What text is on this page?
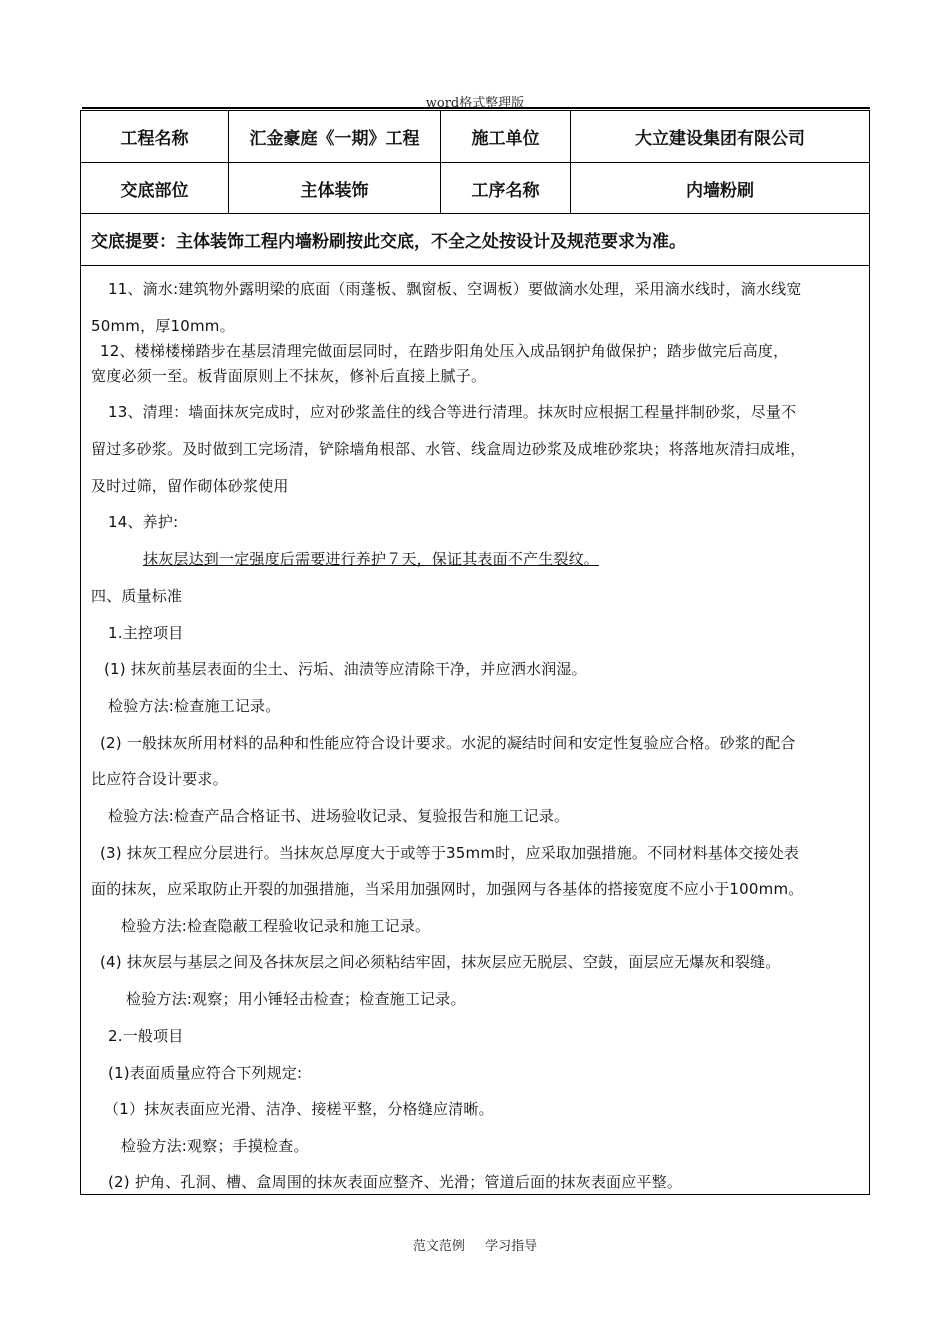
word格式整理版
工程名称	汇金豪庭《一期》工程	施工单位	大立建设集团有限公司
交底部位	主体装饰	工序名称	内墙粉刷
交底提要：主体装饰工程内墙粉刷按此交底，不全之处按设计及规范要求为准。
11、滴水:建筑物外露明梁的底面（雨蓬板、飘窗板、空调板）要做滴水处理，采用滴水线时，滴水线宽
50mm，厚10mm。
12、楼梯楼梯踏步在基层清理完做面层同时，在踏步阳角处压入成品钢护角做保护；踏步做完后高度，
宽度必须一至。板背面原则上不抹灰，修补后直接上腻子。
13、清理：墙面抹灰完成时，应对砂浆盖住的线合等进行清理。抹灰时应根据工程量拌制砂浆，尽量不
留过多砂浆。及时做到工完场清，铲除墙角根部、水管、线盒周边砂浆及成堆砂浆块；将落地灰清扫成堆，
及时过筛，留作砌体砂浆使用
14、养护:
抹灰层达到一定强度后需要进行养护７天，保证其表面不产生裂纹。
四、质量标准
1.主控项目
(1) 抹灰前基层表面的尘土、污垢、油渍等应清除干净，并应洒水润湿。
检验方法:检查施工记录。
(2) 一般抹灰所用材料的品种和性能应符合设计要求。水泥的凝结时间和安定性复验应合格。砂浆的配合
比应符合设计要求。
检验方法:检查产品合格证书、进场验收记录、复验报告和施工记录。
(3) 抹灰工程应分层进行。当抹灰总厚度大于或等于35mm时，应采取加强措施。不同材料基体交接处表
面的抹灰，应采取防止开裂的加强措施，当采用加强网时，加强网与各基体的搭接宽度不应小于100mm。
检验方法:检查隐蔽工程验收记录和施工记录。
(4) 抹灰层与基层之间及各抹灰层之间必须粘结牢固，抹灰层应无脱层、空鼓，面层应无爆灰和裂缝。
检验方法:观察；用小锤轻击检查；检查施工记录。
2.一般项目
(1)表面质量应符合下列规定:
（1）抹灰表面应光滑、洁净、接槎平整，分格缝应清晰。
检验方法:观察；手摸检查。
(2) 护角、孔洞、槽、盒周围的抹灰表面应整齐、光滑；管道后面的抹灰表面应平整。
范文范例 学习指导
